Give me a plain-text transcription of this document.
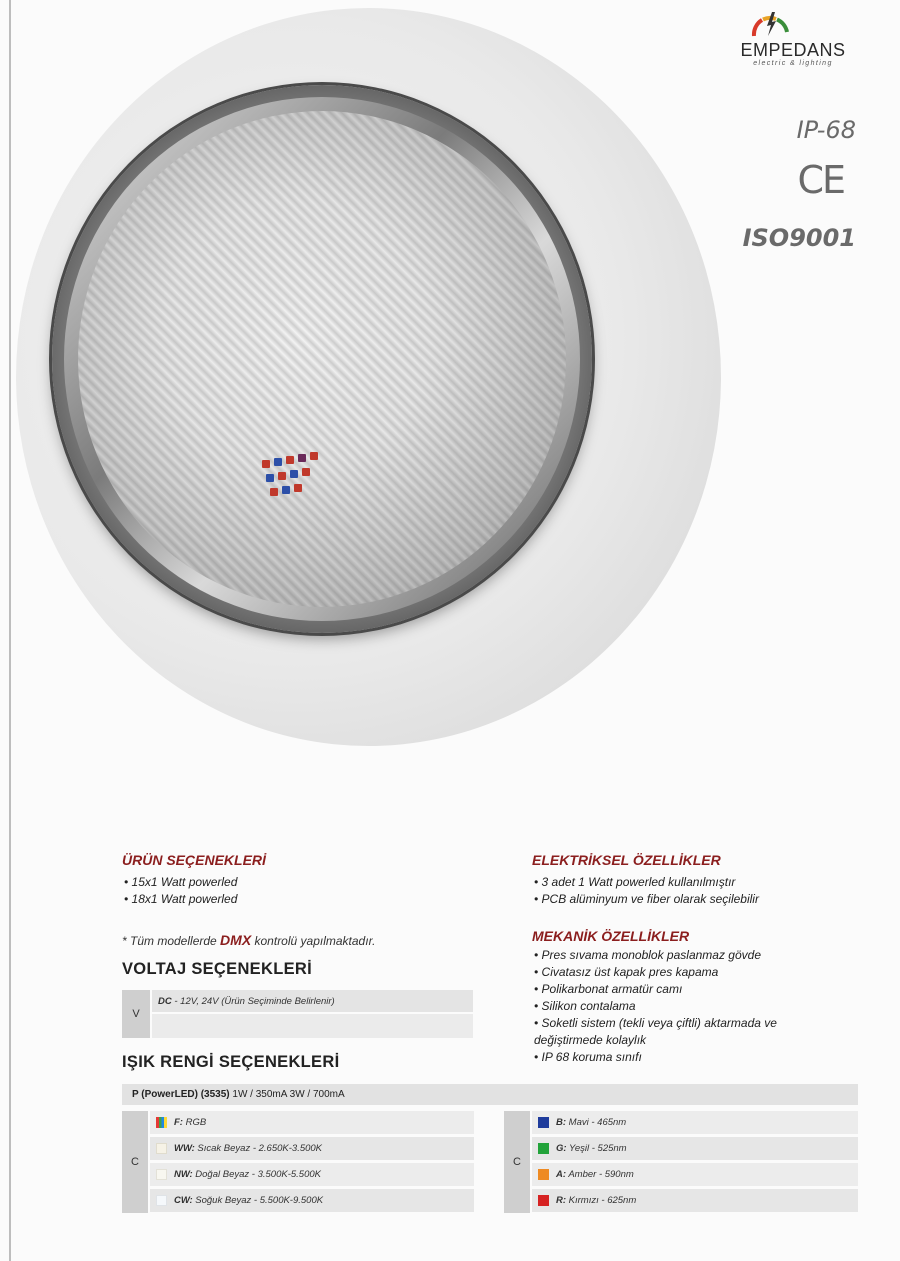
EMPEDANS
electric & lighting
IP-68
CE
ISO9001
ÜRÜN SEÇENEKLERİ
• 15x1 Watt powerled
• 18x1 Watt powerled
* Tüm modellerde DMX kontrolü yapılmaktadır.
VOLTAJ SEÇENEKLERİ
V
DC - 12V, 24V (Ürün Seçiminde Belirlenir)
IŞIK RENGİ SEÇENEKLERİ
ELEKTRİKSEL ÖZELLİKLER
• 3 adet 1 Watt powerled kullanılmıştır
• PCB alüminyum ve fiber olarak seçilebilir
MEKANİK ÖZELLİKLER
• Pres sıvama monoblok paslanmaz gövde
• Civatasız üst kapak pres kapama
• Polikarbonat armatür camı
• Silikon contalama
• Soketli sistem (tekli veya çiftli) aktarmada ve değiştirmede kolaylık
• IP 68 koruma sınıfı
P (PowerLED) (3535) 1W / 350mA 3W / 700mA
C
F: RGB
WW: Sıcak Beyaz - 2.650K-3.500K
NW: Doğal Beyaz - 3.500K-5.500K
CW: Soğuk Beyaz - 5.500K-9.500K
C
B: Mavi - 465nm
G: Yeşil - 525nm
A: Amber - 590nm
R: Kırmızı - 625nm
